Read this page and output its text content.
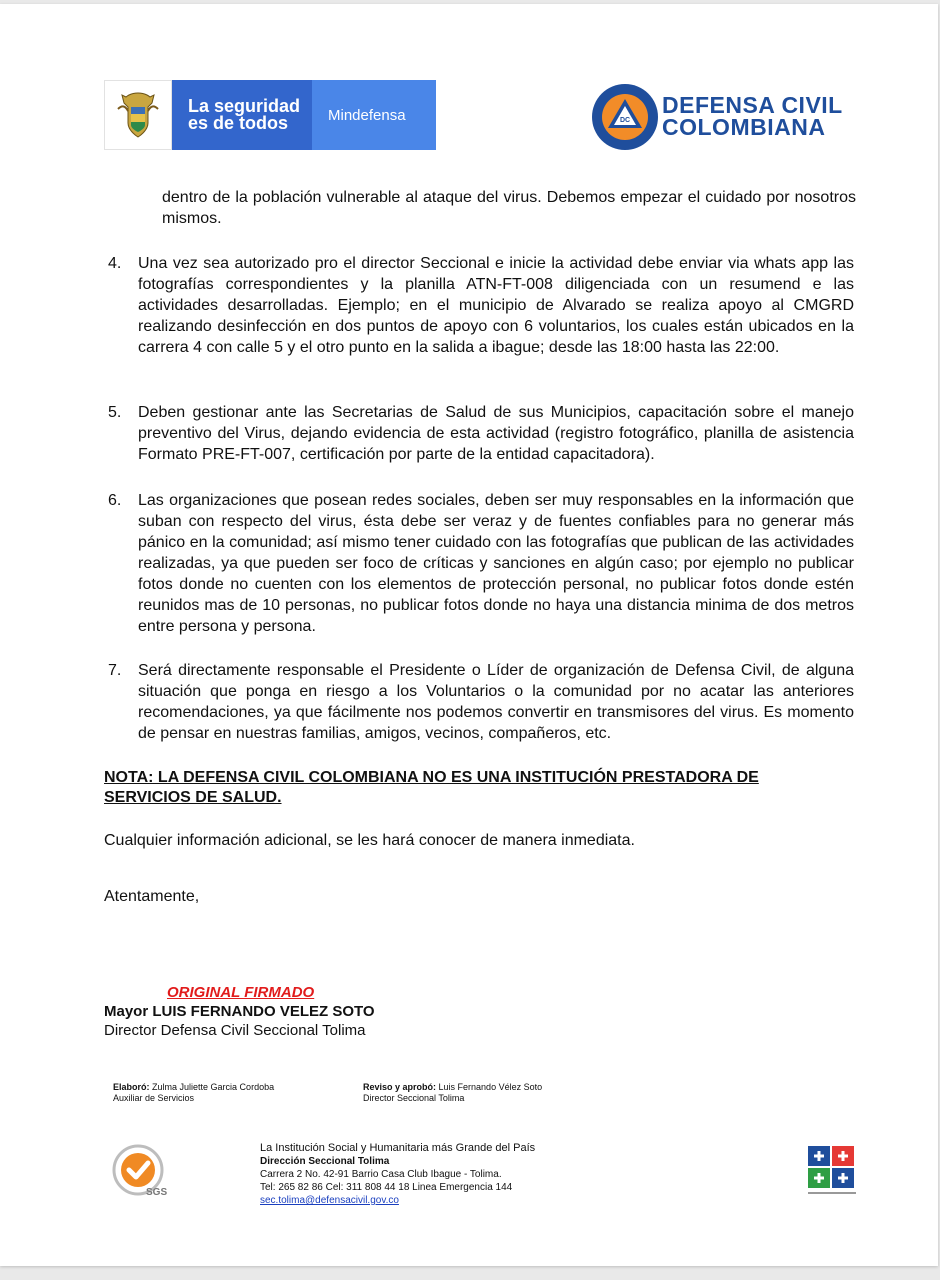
La seguridad
es de todos	Mindefensa	DC
DEFENSA CIVIL
COLOMBIANA
dentro de la población vulnerable al ataque del virus. Debemos empezar el cuidado por nosotros mismos.
4. Una vez sea autorizado pro el director Seccional e inicie la actividad debe enviar via whats app las fotografías correspondientes y la planilla ATN-FT-008 diligenciada con un resumend e las actividades desarrolladas. Ejemplo; en el municipio de Alvarado se realiza apoyo al CMGRD realizando desinfección en dos puntos de apoyo con 6 voluntarios, los cuales están ubicados en la carrera 4 con calle 5 y el otro punto en la salida a ibague; desde las 18:00 hasta las 22:00.
5. Deben gestionar ante las Secretarias de Salud de sus Municipios, capacitación sobre el manejo preventivo del Virus, dejando evidencia de esta actividad (registro fotográfico, planilla de asistencia Formato PRE-FT-007, certificación por parte de la entidad capacitadora).
6. Las organizaciones que posean redes sociales, deben ser muy responsables en la información que suban con respecto del virus, ésta debe ser veraz y de fuentes confiables para no generar más pánico en la comunidad; así mismo tener cuidado con las fotografías que publican de las actividades realizadas, ya que pueden ser foco de críticas y sanciones en algún caso; por ejemplo no publicar fotos donde no cuenten con los elementos de protección personal, no publicar fotos donde estén reunidos mas de 10 personas, no publicar fotos donde no haya una distancia minima de dos metros entre persona y persona.
7. Será directamente responsable el Presidente o Líder de organización de Defensa Civil, de alguna situación que ponga en riesgo a los Voluntarios o la comunidad por no acatar las anteriores recomendaciones, ya que fácilmente nos podemos convertir en transmisores del virus. Es momento de pensar en nuestras familias, amigos, vecinos, compañeros, etc.
NOTA: LA DEFENSA CIVIL COLOMBIANA NO ES UNA INSTITUCIÓN PRESTADORA DE SERVICIOS DE SALUD.
Cualquier información adicional, se les hará conocer de manera inmediata.
Atentamente,
ORIGINAL FIRMADO
Mayor LUIS FERNANDO VELEZ SOTO
Director Defensa Civil Seccional Tolima
Elaboró: Zulma Juliette Garcia Cordoba
Auxiliar de Servicios
Reviso y aprobó: Luis Fernando Vélez Soto
Director Seccional Tolima
SGS
La Institución Social y Humanitaria más Grande del País
Dirección Seccional Tolima
Carrera 2 No. 42-91 Barrio Casa Club Ibague - Tolima.
Tel: 265 82 86 Cel: 311 808 44 18 Linea Emergencia 144
sec.tolima@defensacivil.gov.co
